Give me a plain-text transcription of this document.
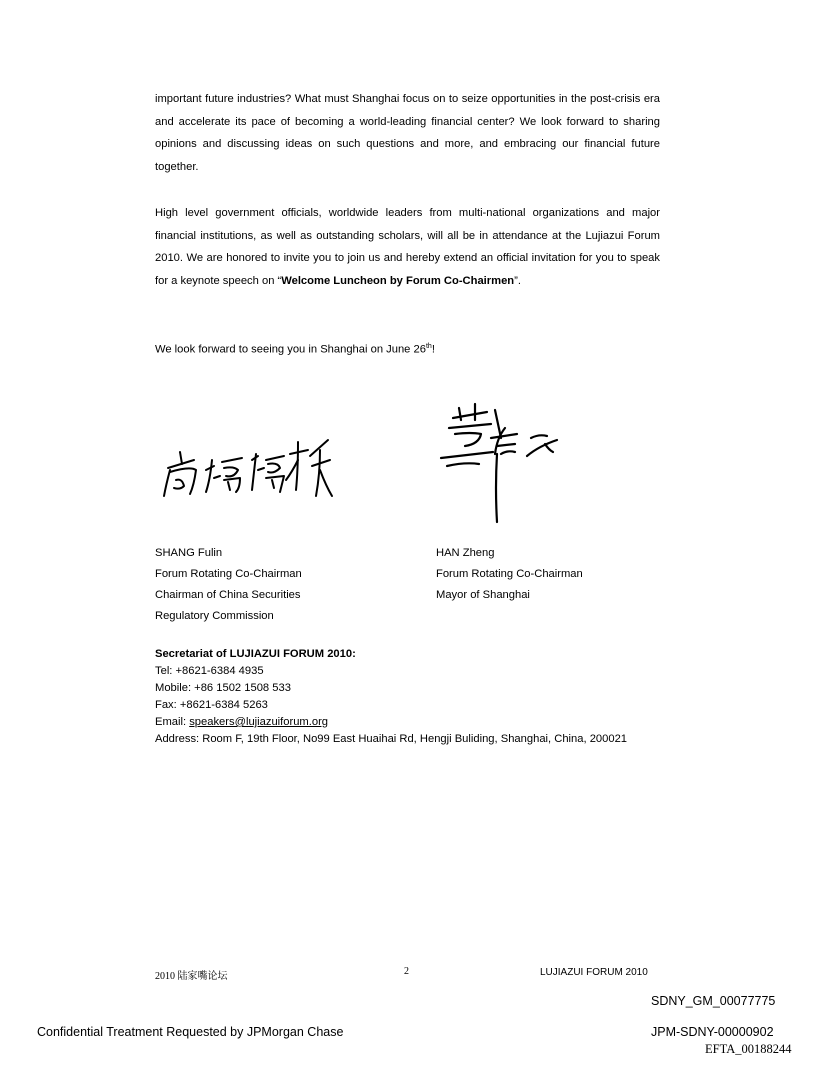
important future industries? What must Shanghai focus on to seize opportunities in the post-crisis era and accelerate its pace of becoming a world-leading financial center? We look forward to sharing opinions and discussing ideas on such questions and more, and embracing our financial future together.

High level government officials, worldwide leaders from multi-national organizations and major financial institutions, as well as outstanding scholars, will all be in attendance at the Lujiazui Forum 2010. We are honored to invite you to join us and hereby extend an official invitation for you to speak for a keynote speech on “Welcome Luncheon by Forum Co-Chairmen”.

We look forward to seeing you in Shanghai on June 26th!
SHANG Fulin
Forum Rotating Co-Chairman
Chairman of China Securities
Regulatory Commission
HAN Zheng
Forum Rotating Co-Chairman
Mayor of Shanghai
Secretariat of LUJIAZUI FORUM 2010:
Tel: +8621-6384 4935
Mobile: +86 1502 1508 533
Fax: +8621-6384 5263
Email: speakers@lujiazuiforum.org
Address: Room F, 19th Floor, No99 East Huaihai Rd, Hengji Buliding, Shanghai, China, 200021
2010 陆家嘴论坛	2	LUJIAZUI FORUM 2010
SDNY_GM_00077775
Confidential Treatment Requested by JPMorgan Chase	JPM-SDNY-00000902
EFTA_00188244
